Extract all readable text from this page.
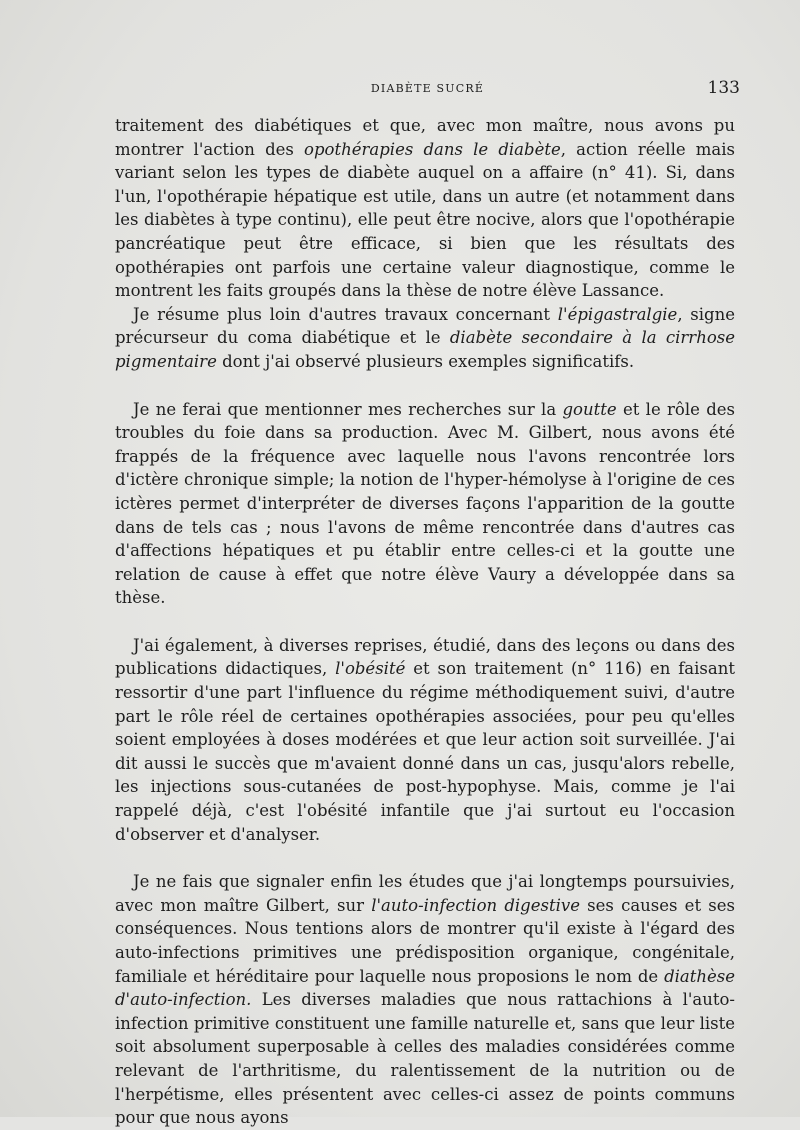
DIABÈTE SUCRÉ	133

traitement des diabétiques et que, avec mon maître, nous avons pu montrer l'action des opothérapies dans le diabète, action réelle mais variant selon les types de diabète auquel on a affaire (n° 41). Si, dans l'un, l'opothérapie hépatique est utile, dans un autre (et notamment dans les diabètes à type continu), elle peut être nocive, alors que l'opothérapie pancréatique peut être efficace, si bien que les résultats des opothérapies ont parfois une certaine valeur diagnostique, comme le montrent les faits groupés dans la thèse de notre élève Lassance.

Je résume plus loin d'autres travaux concernant l'épigastralgie, signe précurseur du coma diabétique et le diabète secondaire à la cirrhose pigmentaire dont j'ai observé plusieurs exemples significatifs.

Je ne ferai que mentionner mes recherches sur la goutte et le rôle des troubles du foie dans sa production. Avec M. Gilbert, nous avons été frappés de la fréquence avec laquelle nous l'avons rencontrée lors d'ictère chronique simple; la notion de l'hyper-hémolyse à l'origine de ces ictères permet d'interpréter de diverses façons l'apparition de la goutte dans de tels cas ; nous l'avons de même rencontrée dans d'autres cas d'affections hépatiques et pu établir entre celles-ci et la goutte une relation de cause à effet que notre élève Vaury a développée dans sa thèse.

J'ai également, à diverses reprises, étudié, dans des leçons ou dans des publications didactiques, l'obésité et son traitement (n° 116) en faisant ressortir d'une part l'influence du régime méthodiquement suivi, d'autre part le rôle réel de certaines opothérapies associées, pour peu qu'elles soient employées à doses modérées et que leur action soit surveillée. J'ai dit aussi le succès que m'avaient donné dans un cas, jusqu'alors rebelle, les injections sous-cutanées de post-hypophyse. Mais, comme je l'ai rappelé déjà, c'est l'obésité infantile que j'ai surtout eu l'occasion d'observer et d'analyser.

Je ne fais que signaler enfin les études que j'ai longtemps poursuivies, avec mon maître Gilbert, sur l'auto-infection digestive ses causes et ses conséquences. Nous tentions alors de montrer qu'il existe à l'égard des auto-infections primitives une prédisposition organique, congénitale, familiale et héréditaire pour laquelle nous proposions le nom de diathèse d'auto-infection. Les diverses maladies que nous rattachions à l'auto-infection primitive constituent une famille naturelle et, sans que leur liste soit absolument superposable à celles des maladies considérées comme relevant de l'arthritisme, du ralentissement de la nutrition ou de l'herpétisme, elles présentent avec celles-ci assez de points communs pour que nous ayons
